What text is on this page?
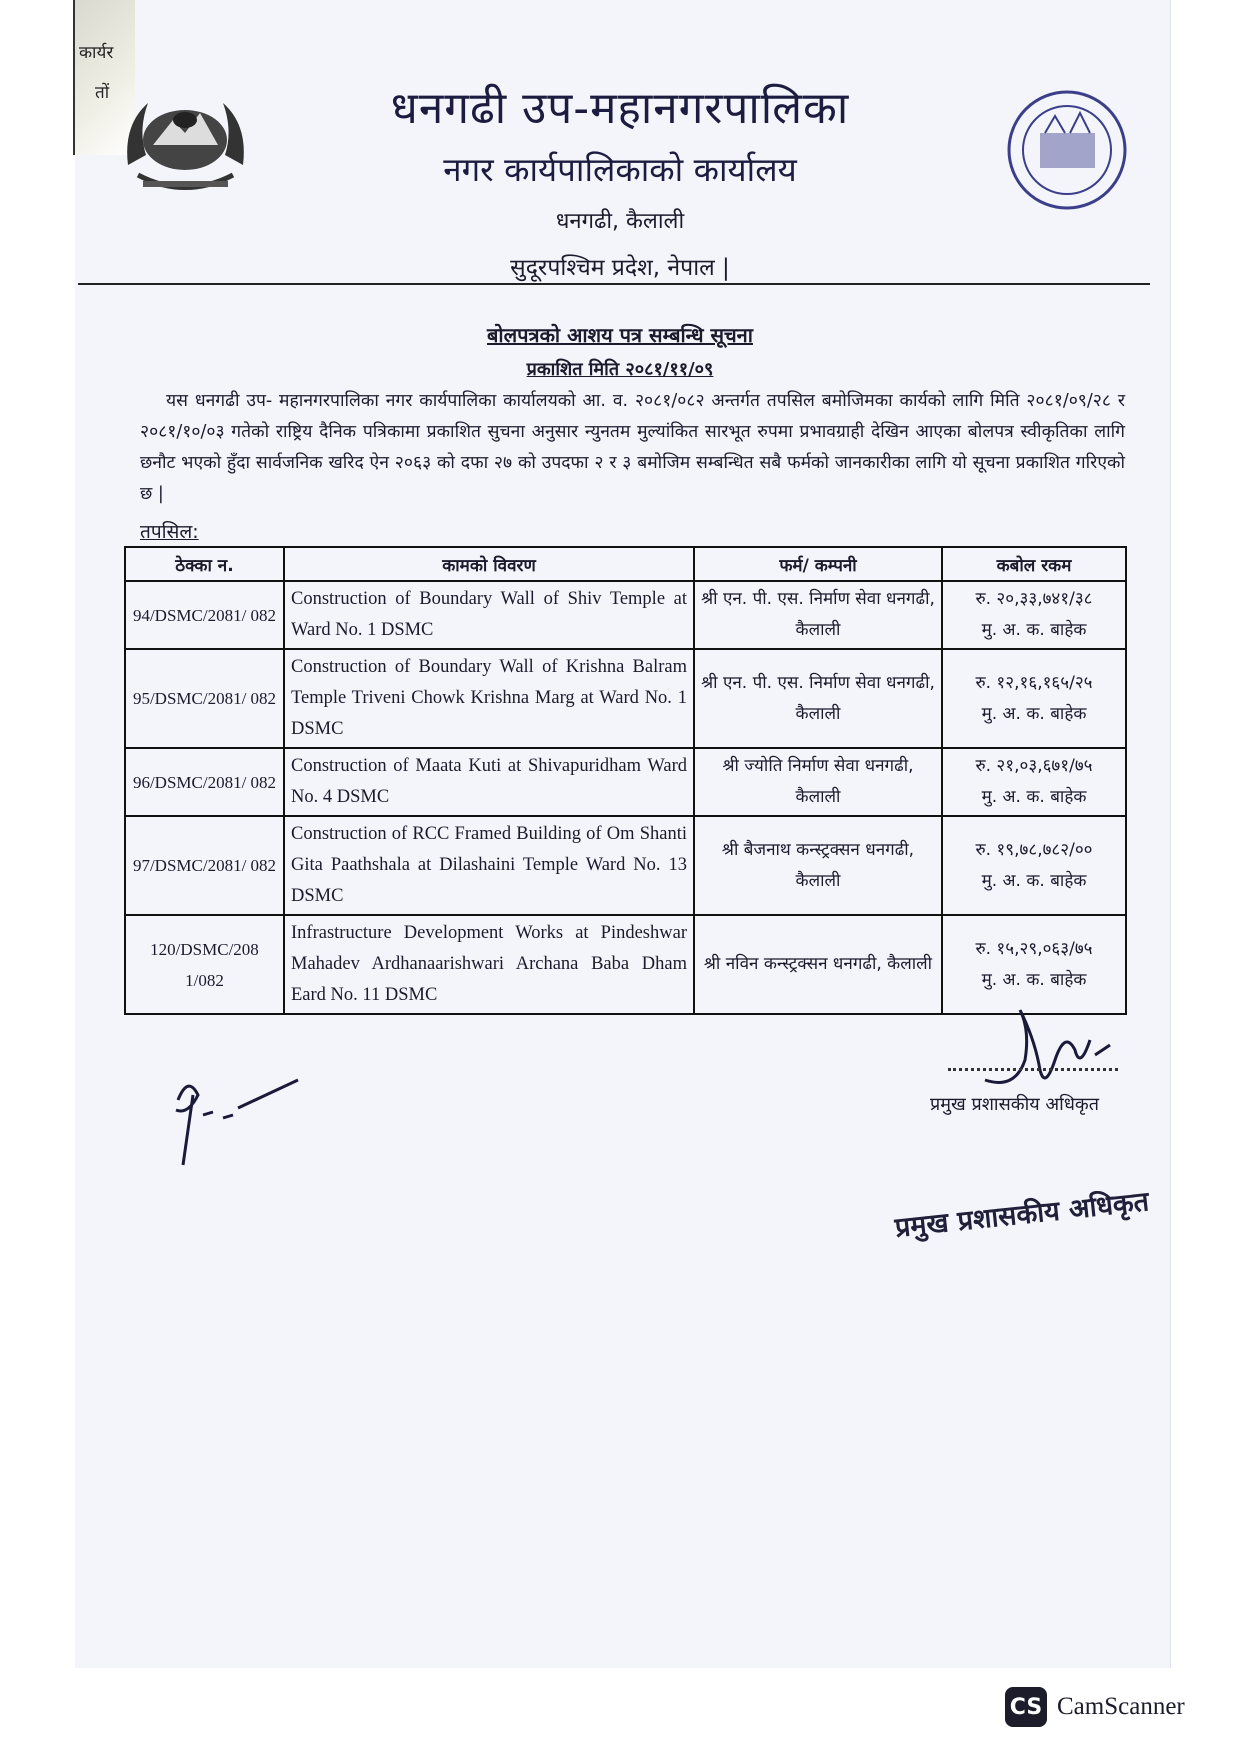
कार्यर
तों	धनगढी उप-महानगरपालिका
नगर कार्यपालिकाको कार्यालय
धनगढी, कैलाली
सुदूरपश्चिम प्रदेश, नेपाल |
बोलपत्रको आशय पत्र सम्बन्धि सूचना
प्रकाशित मिति २०८१/११/०९
यस धनगढी उप- महानगरपालिका नगर कार्यपालिका कार्यालयको आ. व. २०८१/०८२ अन्तर्गत तपसिल बमोजिमका कार्यको लागि मिति २०८१/०९/२८ र २०८१/१०/०३ गतेको राष्ट्रिय दैनिक पत्रिकामा प्रकाशित सुचना अनुसार न्युनतम मुल्यांकित सारभूत रुपमा प्रभावग्राही देखिन आएका बोलपत्र स्वीकृतिका लागि छनौट भएको हुँदा सार्वजनिक खरिद ऐन २०६३ को दफा २७ को उपदफा २ र ३ बमोजिम सम्बन्धित सबै फर्मको जानकारीका लागि यो सूचना प्रकाशित गरिएको छ |
तपसिल:
ठेक्का न.	कामको विवरण	फर्म/ कम्पनी	कबोल रकम
94/DSMC/2081/ 082	Construction of Boundary Wall of Shiv Temple at Ward No. 1 DSMC	श्री एन. पी. एस. निर्माण सेवा धनगढी, कैलाली	रु. २०,३३,७४१/३८
मु. अ. क. बाहेक

95/DSMC/2081/ 082	Construction of Boundary Wall of Krishna Balram Temple Triveni Chowk Krishna Marg at Ward No. 1 DSMC	श्री एन. पी. एस. निर्माण सेवा धनगढी, कैलाली	रु. १२,१६,१६५/२५
मु. अ. क. बाहेक

96/DSMC/2081/ 082	Construction of Maata Kuti at Shivapuridham Ward No. 4 DSMC	श्री ज्योति निर्माण सेवा धनगढी, कैलाली	रु. २१,०३,६७१/७५
मु. अ. क. बाहेक

97/DSMC/2081/ 082	Construction of RCC Framed Building of Om Shanti Gita Paathshala at Dilashaini Temple Ward No. 13 DSMC	श्री बैजनाथ कन्स्ट्रक्सन धनगढी, कैलाली	रु. १९,७८,७८२/००
मु. अ. क. बाहेक

120/DSMC/208 1/082	Infrastructure Development Works at Pindeshwar Mahadev Ardhanaarishwari Archana Baba Dham Eard No. 11 DSMC	श्री नविन कन्स्ट्रक्सन धनगढी, कैलाली	रु. १५,२९,०६३/७५
मु. अ. क. बाहेक
प्रमुख प्रशासकीय अधिकृत
प्रमुख प्रशासकीय अधिकृत
CS CamScanner
